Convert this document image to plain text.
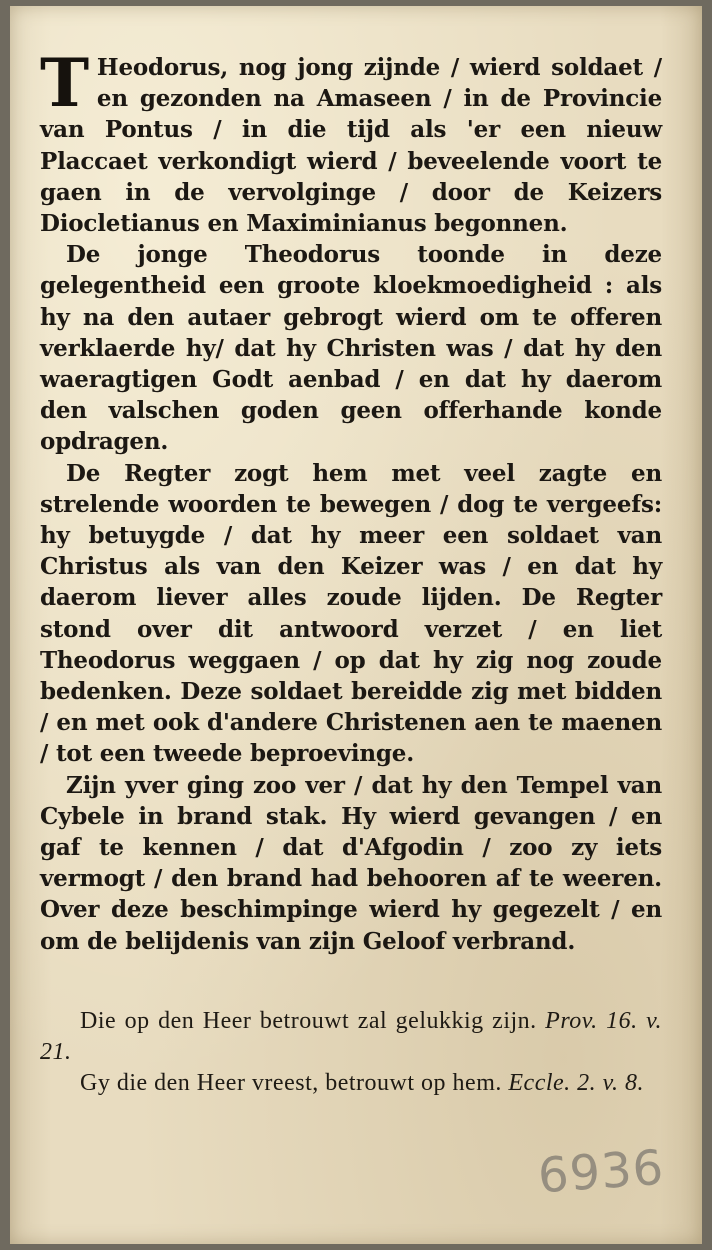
T Heodorus, nog jong zijnde / wierd soldaet / en gezonden na Amaseen / in de Provincie van Pontus / in die tijd als 'er een nieuw Placcaet verkondigt wierd / beveelende voort te gaen in de vervolginge / door de Keizers Diocletianus en Maximinianus begonnen.

De jonge Theodorus toonde in deze gelegentheid een groote kloekmoedigheid : als hy na den autaer gebrogt wierd om te offeren verklaerde hy/ dat hy Christen was / dat hy den waeragtigen Godt aenbad / en dat hy daerom den valschen goden geen offerhande konde opdragen.

De Regter zogt hem met veel zagte en strelende woorden te bewegen / dog te vergeefs: hy betuygde / dat hy meer een soldaet van Christus als van den Keizer was / en dat hy daerom liever alles zoude lijden. De Regter stond over dit antwoord verzet / en liet Theodorus weggaen / op dat hy zig nog zoude bedenken. Deze soldaet bereidde zig met bidden / en met ook d'andere Christenen aen te maenen / tot een tweede beproevinge.

Zijn yver ging zoo ver / dat hy den Tempel van Cybele in brand stak. Hy wierd gevangen / en gaf te kennen / dat d'Afgodin / zoo zy iets vermogt / den brand had behooren af te weeren. Over deze beschimpinge wierd hy gegezelt / en om de belijdenis van zijn Geloof verbrand.

Die op den Heer betrouwt zal gelukkig zijn. Prov. 16. v. 21.

Gy die den Heer vreest, betrouwt op hem. Eccle. 2. v. 8.

6936
